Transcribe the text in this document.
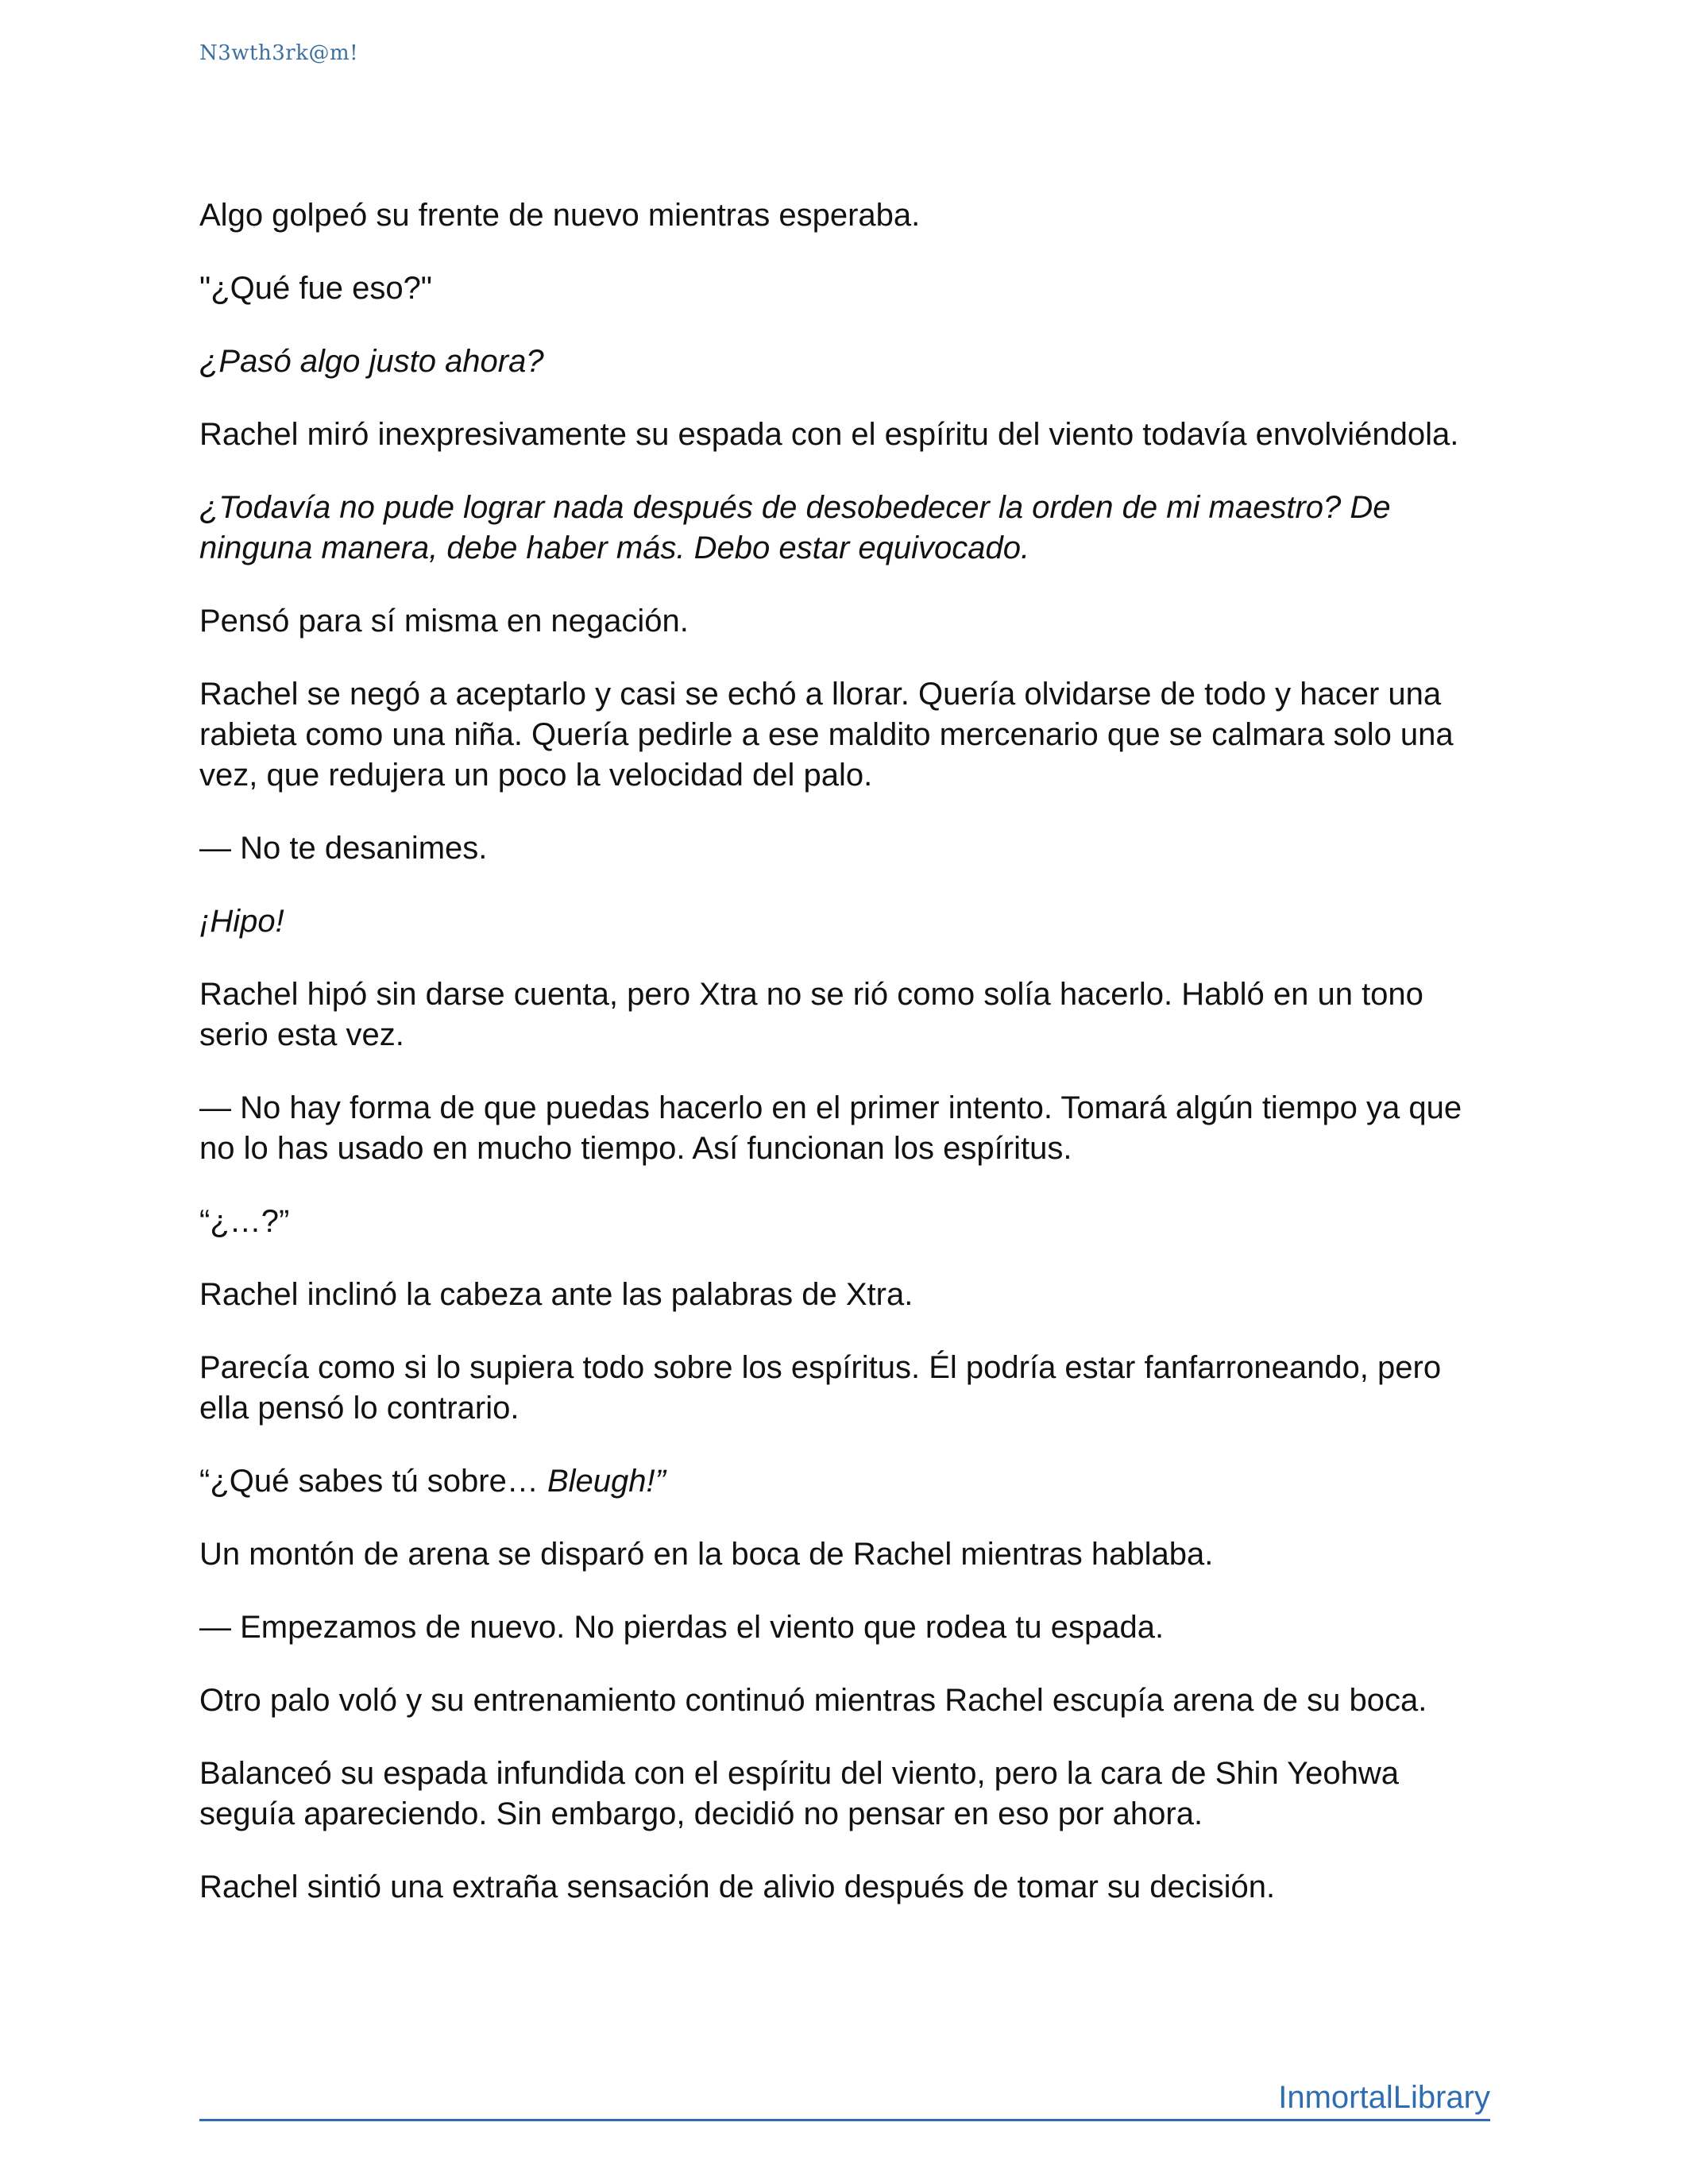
N3wth3rk@m!

Algo golpeó su frente de nuevo mientras esperaba.

"¿Qué fue eso?"

¿Pasó algo justo ahora?

Rachel miró inexpresivamente su espada con el espíritu del viento todavía envolviéndola.

¿Todavía no pude lograr nada después de desobedecer la orden de mi maestro? De ninguna manera, debe haber más. Debo estar equivocado.

Pensó para sí misma en negación.

Rachel se negó a aceptarlo y casi se echó a llorar. Quería olvidarse de todo y hacer una rabieta como una niña. Quería pedirle a ese maldito mercenario que se calmara solo una vez, que redujera un poco la velocidad del palo.

— No te desanimes.

¡Hipo!

Rachel hipó sin darse cuenta, pero Xtra no se rió como solía hacerlo. Habló en un tono serio esta vez.

— No hay forma de que puedas hacerlo en el primer intento. Tomará algún tiempo ya que no lo has usado en mucho tiempo. Así funcionan los espíritus.

“¿…?”

Rachel inclinó la cabeza ante las palabras de Xtra.

Parecía como si lo supiera todo sobre los espíritus. Él podría estar fanfarroneando, pero ella pensó lo contrario.

“¿Qué sabes tú sobre… Bleugh!”

Un montón de arena se disparó en la boca de Rachel mientras hablaba.

— Empezamos de nuevo. No pierdas el viento que rodea tu espada.

Otro palo voló y su entrenamiento continuó mientras Rachel escupía arena de su boca.

Balanceó su espada infundida con el espíritu del viento, pero la cara de Shin Yeohwa seguía apareciendo. Sin embargo, decidió no pensar en eso por ahora.

Rachel sintió una extraña sensación de alivio después de tomar su decisión.

InmortalLibrary
